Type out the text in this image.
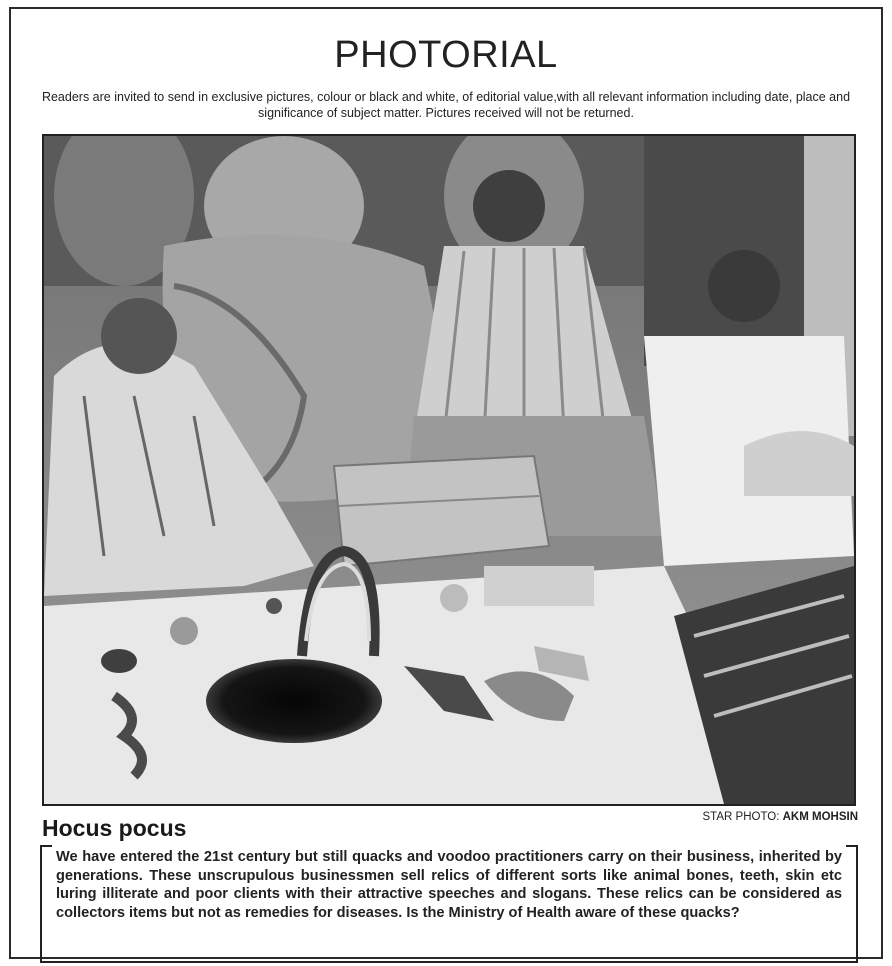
PHOTORIAL
Readers are invited to send in exclusive pictures, colour or black and white, of editorial value,with all relevant information including date, place and significance of subject matter. Pictures received will not be returned.
STAR PHOTO: AKM MOHSIN
Hocus pocus
We have entered the 21st century but still quacks and voodoo practitioners carry on their business, inherited by generations. These unscrupulous businessmen sell relics of different sorts like animal bones, teeth, skin etc luring illiterate and poor clients with their attractive speeches and slogans. These relics can be considered as collectors items but not as remedies for diseases. Is the Ministry of Health aware of these quacks?
